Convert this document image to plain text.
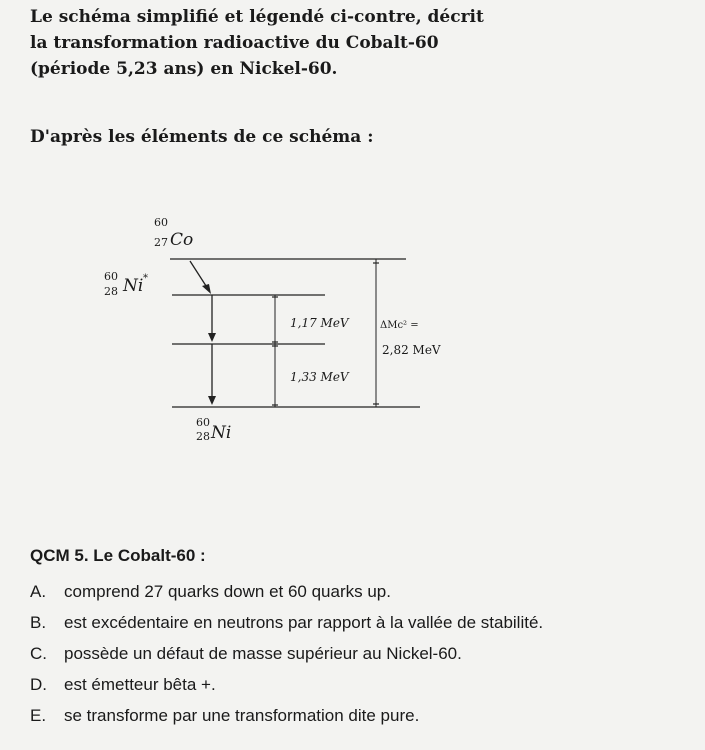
Le schéma simplifié et légendé ci-contre, décrit
la transformation radioactive du Cobalt-60
(période 5,23 ans) en Nickel-60.
D'après les éléments de ce schéma :
60
27 Co
60
28 Ni *
1,17 MeV
1,33 MeV
ΔMc² =
2,82 MeV
60
28 Ni
QCM 5. Le Cobalt-60 :
A. comprend 27 quarks down et 60 quarks up.
B. est excédentaire en neutrons par rapport à la vallée de stabilité.
C. possède un défaut de masse supérieur au Nickel-60.
D. est émetteur bêta +.
E. se transforme par une transformation dite pure.
